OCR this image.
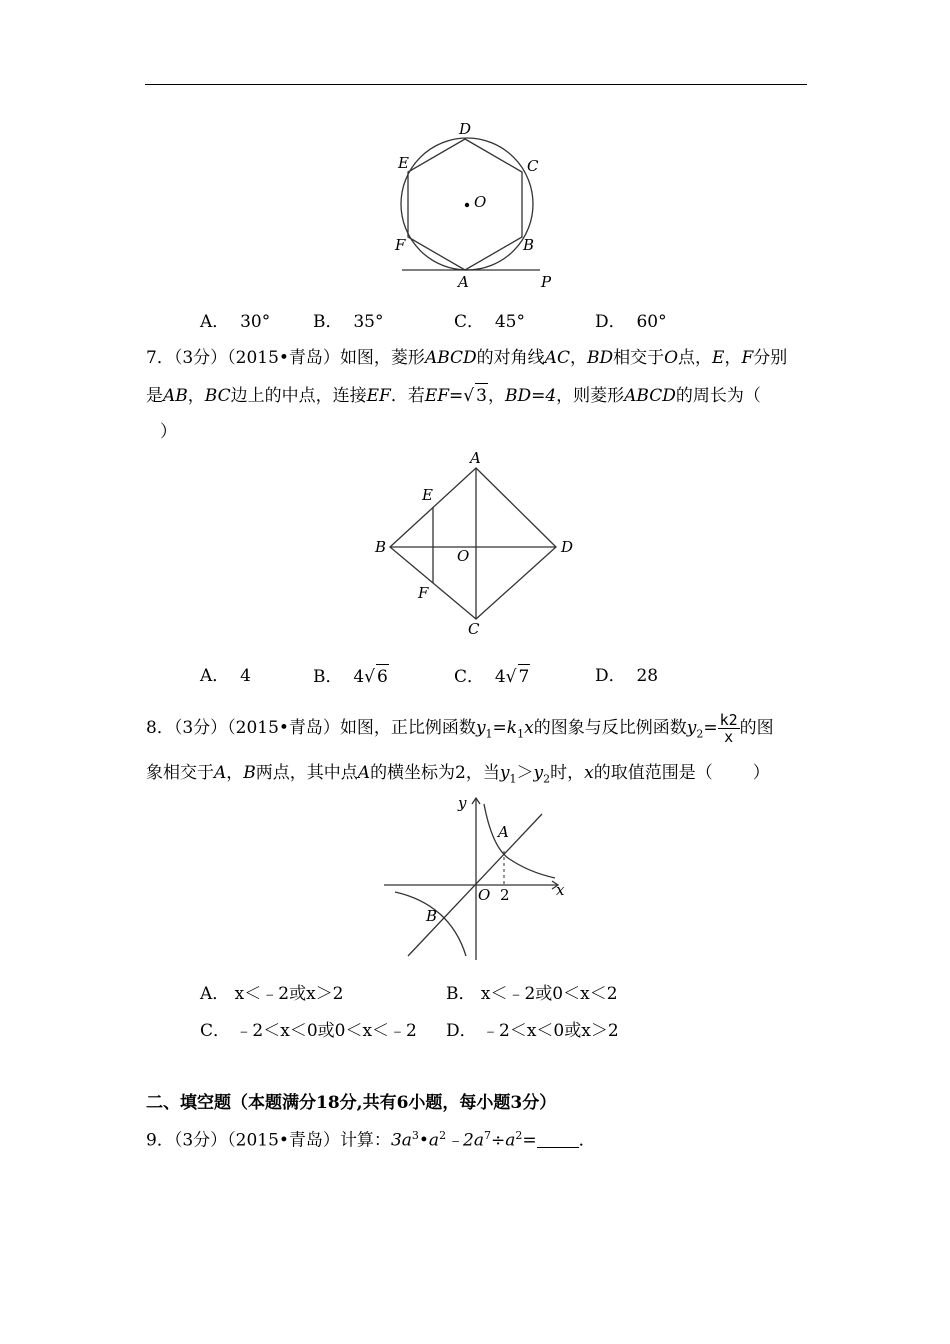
D
E	C
O
F	B
A	P
A． 30°	B． 35°	C． 45°	D． 60°
7．（3分）（2015•青岛）如图，菱形ABCD的对角线AC，BD相交于O点，E，F分别
是AB，BC边上的中点，连接EF．若EF=√ 3，BD=4，则菱形ABCD的周长为（
）
A
B	D
C
E
F
O
A． 4	B． 4√ 6	C． 4√ 7	D． 28
8．（3分）（2015•青岛）如图，正比例函数$y_1=k_1x$的图象与反比例函数$y_2= \frac{k2}{x}$ 的图
象相交于A，B两点，其中点A的横坐标为2，当$y_1>y_2$时，x的取值范围是（ ）
y
A
O 2	x
B
A． x＜﹣2或x＞2	B． x＜﹣2或0＜x＜2
C． ﹣2＜x＜0或0＜x＜﹣2 D． ﹣2＜x＜0或x＞2
二、填空题（本题满分18分,共有6小题，每小题3分）
9．（3分）（2015•青岛）计算：$3a^3•a^2﹣2a^7\div a^2=$ ．
